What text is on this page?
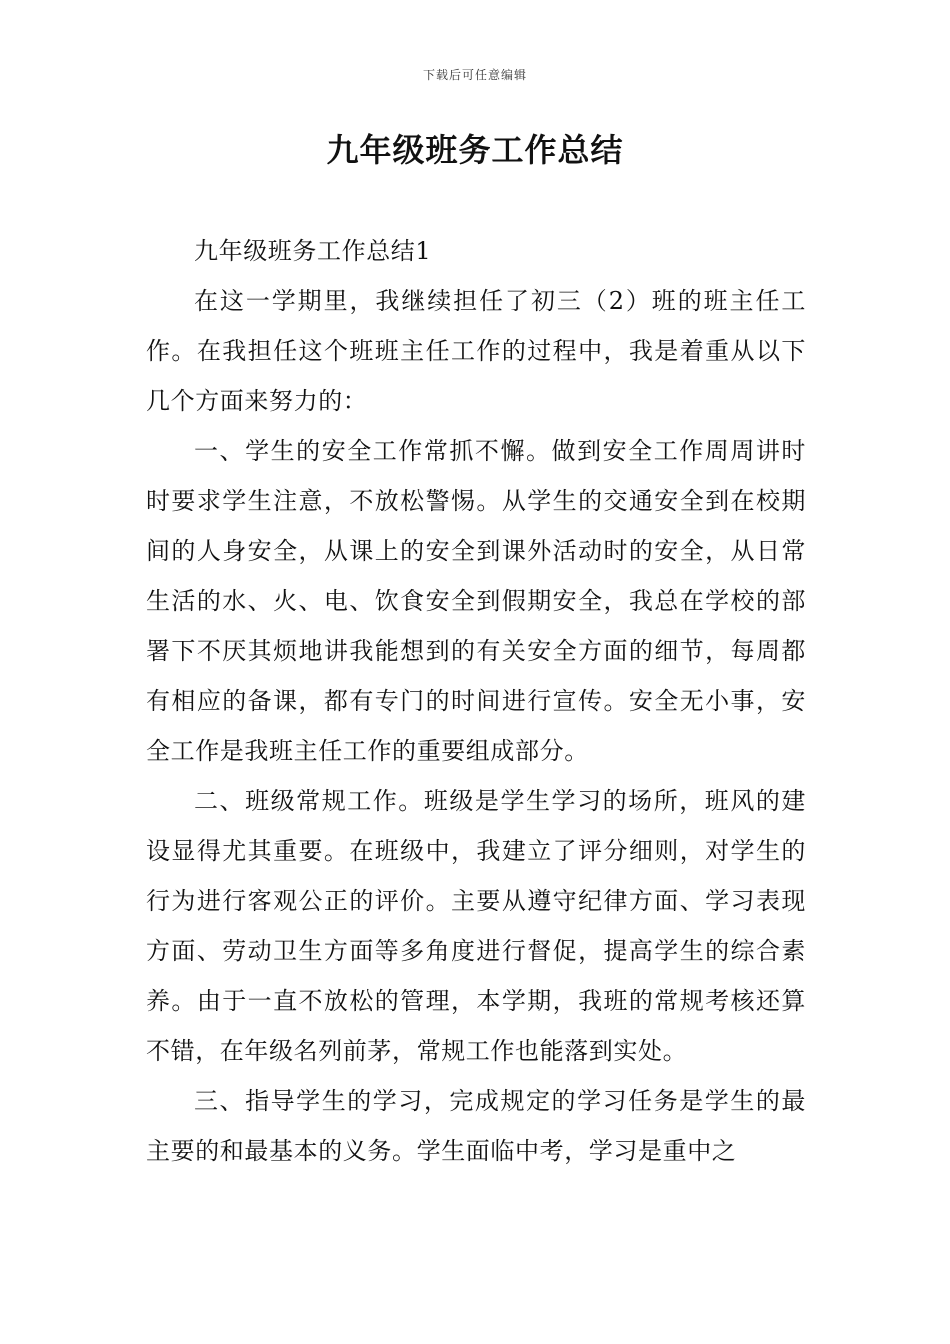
下载后可任意编辑
九年级班务工作总结

九年级班务工作总结1

在这一学期里，我继续担任了初三（2）班的班主任工作。在我担任这个班班主任工作的过程中，我是着重从以下几个方面来努力的：

一、学生的安全工作常抓不懈。做到安全工作周周讲时时要求学生注意，不放松警惕。从学生的交通安全到在校期间的人身安全，从课上的安全到课外活动时的安全，从日常生活的水、火、电、饮食安全到假期安全，我总在学校的部署下不厌其烦地讲我能想到的有关安全方面的细节，每周都有相应的备课，都有专门的时间进行宣传。安全无小事，安全工作是我班主任工作的重要组成部分。

二、班级常规工作。班级是学生学习的场所，班风的建设显得尤其重要。在班级中，我建立了评分细则，对学生的行为进行客观公正的评价。主要从遵守纪律方面、学习表现方面、劳动卫生方面等多角度进行督促，提高学生的综合素养。由于一直不放松的管理，本学期，我班的常规考核还算不错，在年级名列前茅，常规工作也能落到实处。

三、指导学生的学习，完成规定的学习任务是学生的最主要的和最基本的义务。学生面临中考，学习是重中之
